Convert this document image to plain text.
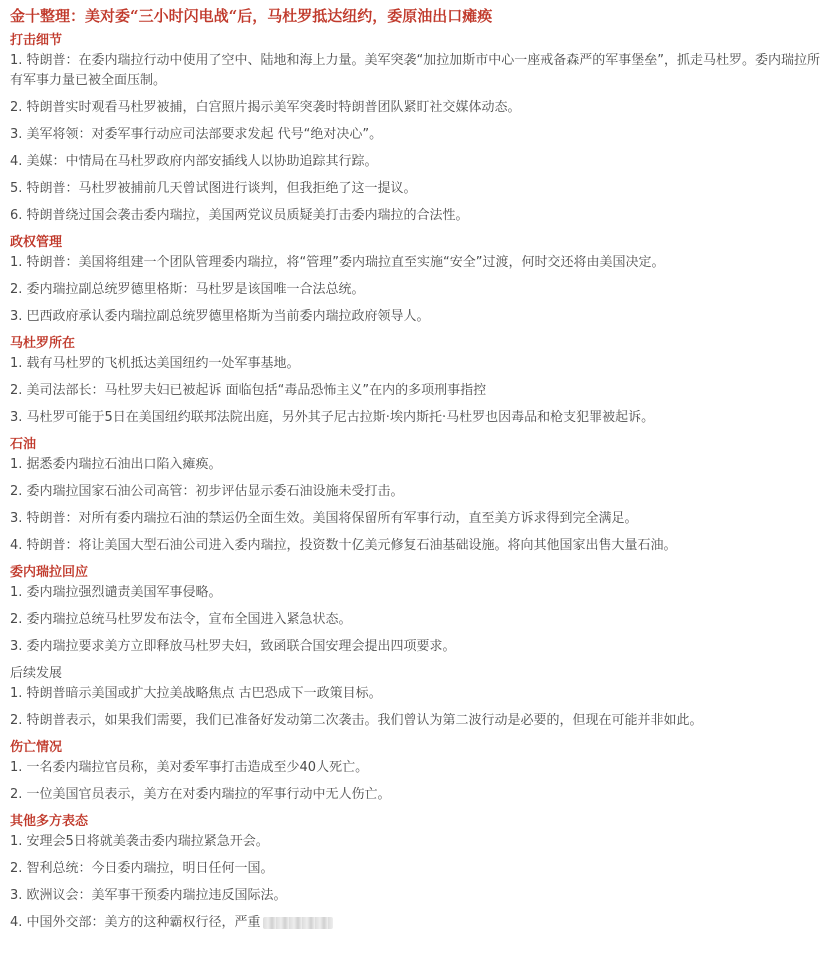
金十整理：美对委“三小时闪电战“后，马杜罗抵达纽约，委原油出口瘫痪
打击细节
1. 特朗普：在委内瑞拉行动中使用了空中、陆地和海上力量。美军突袭“加拉加斯市中心一座戒备森严的军事堡垒”，抓走马杜罗。委内瑞拉所有军事力量已被全面压制。
2. 特朗普实时观看马杜罗被捕，白宫照片揭示美军突袭时特朗普团队紧盯社交媒体动态。
3. 美军将领：对委军事行动应司法部要求发起 代号“绝对决心”。
4. 美媒：中情局在马杜罗政府内部安插线人以协助追踪其行踪。
5. 特朗普：马杜罗被捕前几天曾试图进行谈判，但我拒绝了这一提议。
6. 特朗普绕过国会袭击委内瑞拉，美国两党议员质疑美打击委内瑞拉的合法性。
政权管理
1. 特朗普：美国将组建一个团队管理委内瑞拉，将“管理”委内瑞拉直至实施“安全”过渡，何时交还将由美国决定。
2. 委内瑞拉副总统罗德里格斯：马杜罗是该国唯一合法总统。
3. 巴西政府承认委内瑞拉副总统罗德里格斯为当前委内瑞拉政府领导人。
马杜罗所在
1. 载有马杜罗的飞机抵达美国纽约一处军事基地。
2. 美司法部长：马杜罗夫妇已被起诉 面临包括“毒品恐怖主义”在内的多项刑事指控
3. 马杜罗可能于5日在美国纽约联邦法院出庭，另外其子尼古拉斯·埃内斯托·马杜罗也因毒品和枪支犯罪被起诉。
石油
1. 据悉委内瑞拉石油出口陷入瘫痪。
2. 委内瑞拉国家石油公司高管：初步评估显示委石油设施未受打击。
3. 特朗普：对所有委内瑞拉石油的禁运仍全面生效。美国将保留所有军事行动，直至美方诉求得到完全满足。
4. 特朗普：将让美国大型石油公司进入委内瑞拉，投资数十亿美元修复石油基础设施。将向其他国家出售大量石油。
委内瑞拉回应
1. 委内瑞拉强烈谴责美国军事侵略。
2. 委内瑞拉总统马杜罗发布法令，宣布全国进入紧急状态。
3. 委内瑞拉要求美方立即释放马杜罗夫妇，致函联合国安理会提出四项要求。
后续发展
1. 特朗普暗示美国或扩大拉美战略焦点 古巴恐成下一政策目标。
2. 特朗普表示，如果我们需要，我们已准备好发动第二次袭击。我们曾认为第二波行动是必要的，但现在可能并非如此。
伤亡情况
1. 一名委内瑞拉官员称，美对委军事打击造成至少40人死亡。
2. 一位美国官员表示，美方在对委内瑞拉的军事行动中无人伤亡。
其他多方表态
1. 安理会5日将就美袭击委内瑞拉紧急开会。
2. 智利总统：今日委内瑞拉，明日任何一国。
3. 欧洲议会：美军事干预委内瑞拉违反国际法。
4. 中国外交部：美方的这种霸权行径，严重
